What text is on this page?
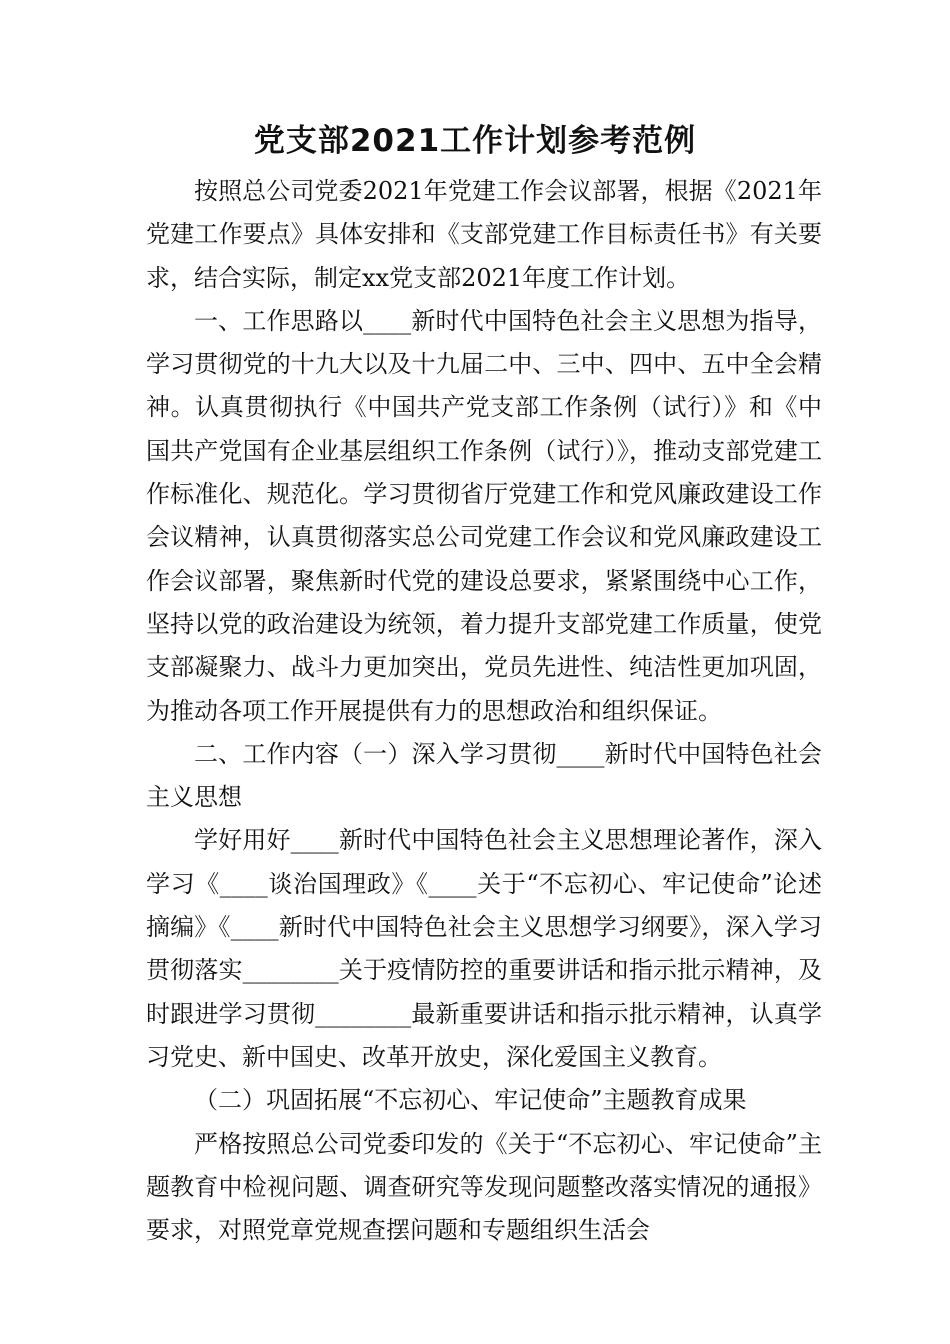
党支部2021工作计划参考范例

按照总公司党委2021年党建工作会议部署，根据《2021年党建工作要点》具体安排和《支部党建工作目标责任书》有关要求，结合实际，制定xx党支部2021年度工作计划。

一、工作思路以____新时代中国特色社会主义思想为指导，学习贯彻党的十九大以及十九届二中、三中、四中、五中全会精神。认真贯彻执行《中国共产党支部工作条例（试行）》和《中国共产党国有企业基层组织工作条例（试行）》，推动支部党建工作标准化、规范化。学习贯彻省厅党建工作和党风廉政建设工作会议精神，认真贯彻落实总公司党建工作会议和党风廉政建设工作会议部署，聚焦新时代党的建设总要求，紧紧围绕中心工作，坚持以党的政治建设为统领，着力提升支部党建工作质量，使党支部凝聚力、战斗力更加突出，党员先进性、纯洁性更加巩固，为推动各项工作开展提供有力的思想政治和组织保证。

二、工作内容（一）深入学习贯彻____新时代中国特色社会主义思想

学好用好____新时代中国特色社会主义思想理论著作，深入学习《____谈治国理政》《____关于“不忘初心、牢记使命”论述摘编》《____新时代中国特色社会主义思想学习纲要》，深入学习贯彻落实________关于疫情防控的重要讲话和指示批示精神，及时跟进学习贯彻________最新重要讲话和指示批示精神，认真学习党史、新中国史、改革开放史，深化爱国主义教育。

（二）巩固拓展“不忘初心、牢记使命”主题教育成果

严格按照总公司党委印发的《关于“不忘初心、牢记使命”主题教育中检视问题、调查研究等发现问题整改落实情况的通报》要求，对照党章党规查摆问题和专题组织生活会
